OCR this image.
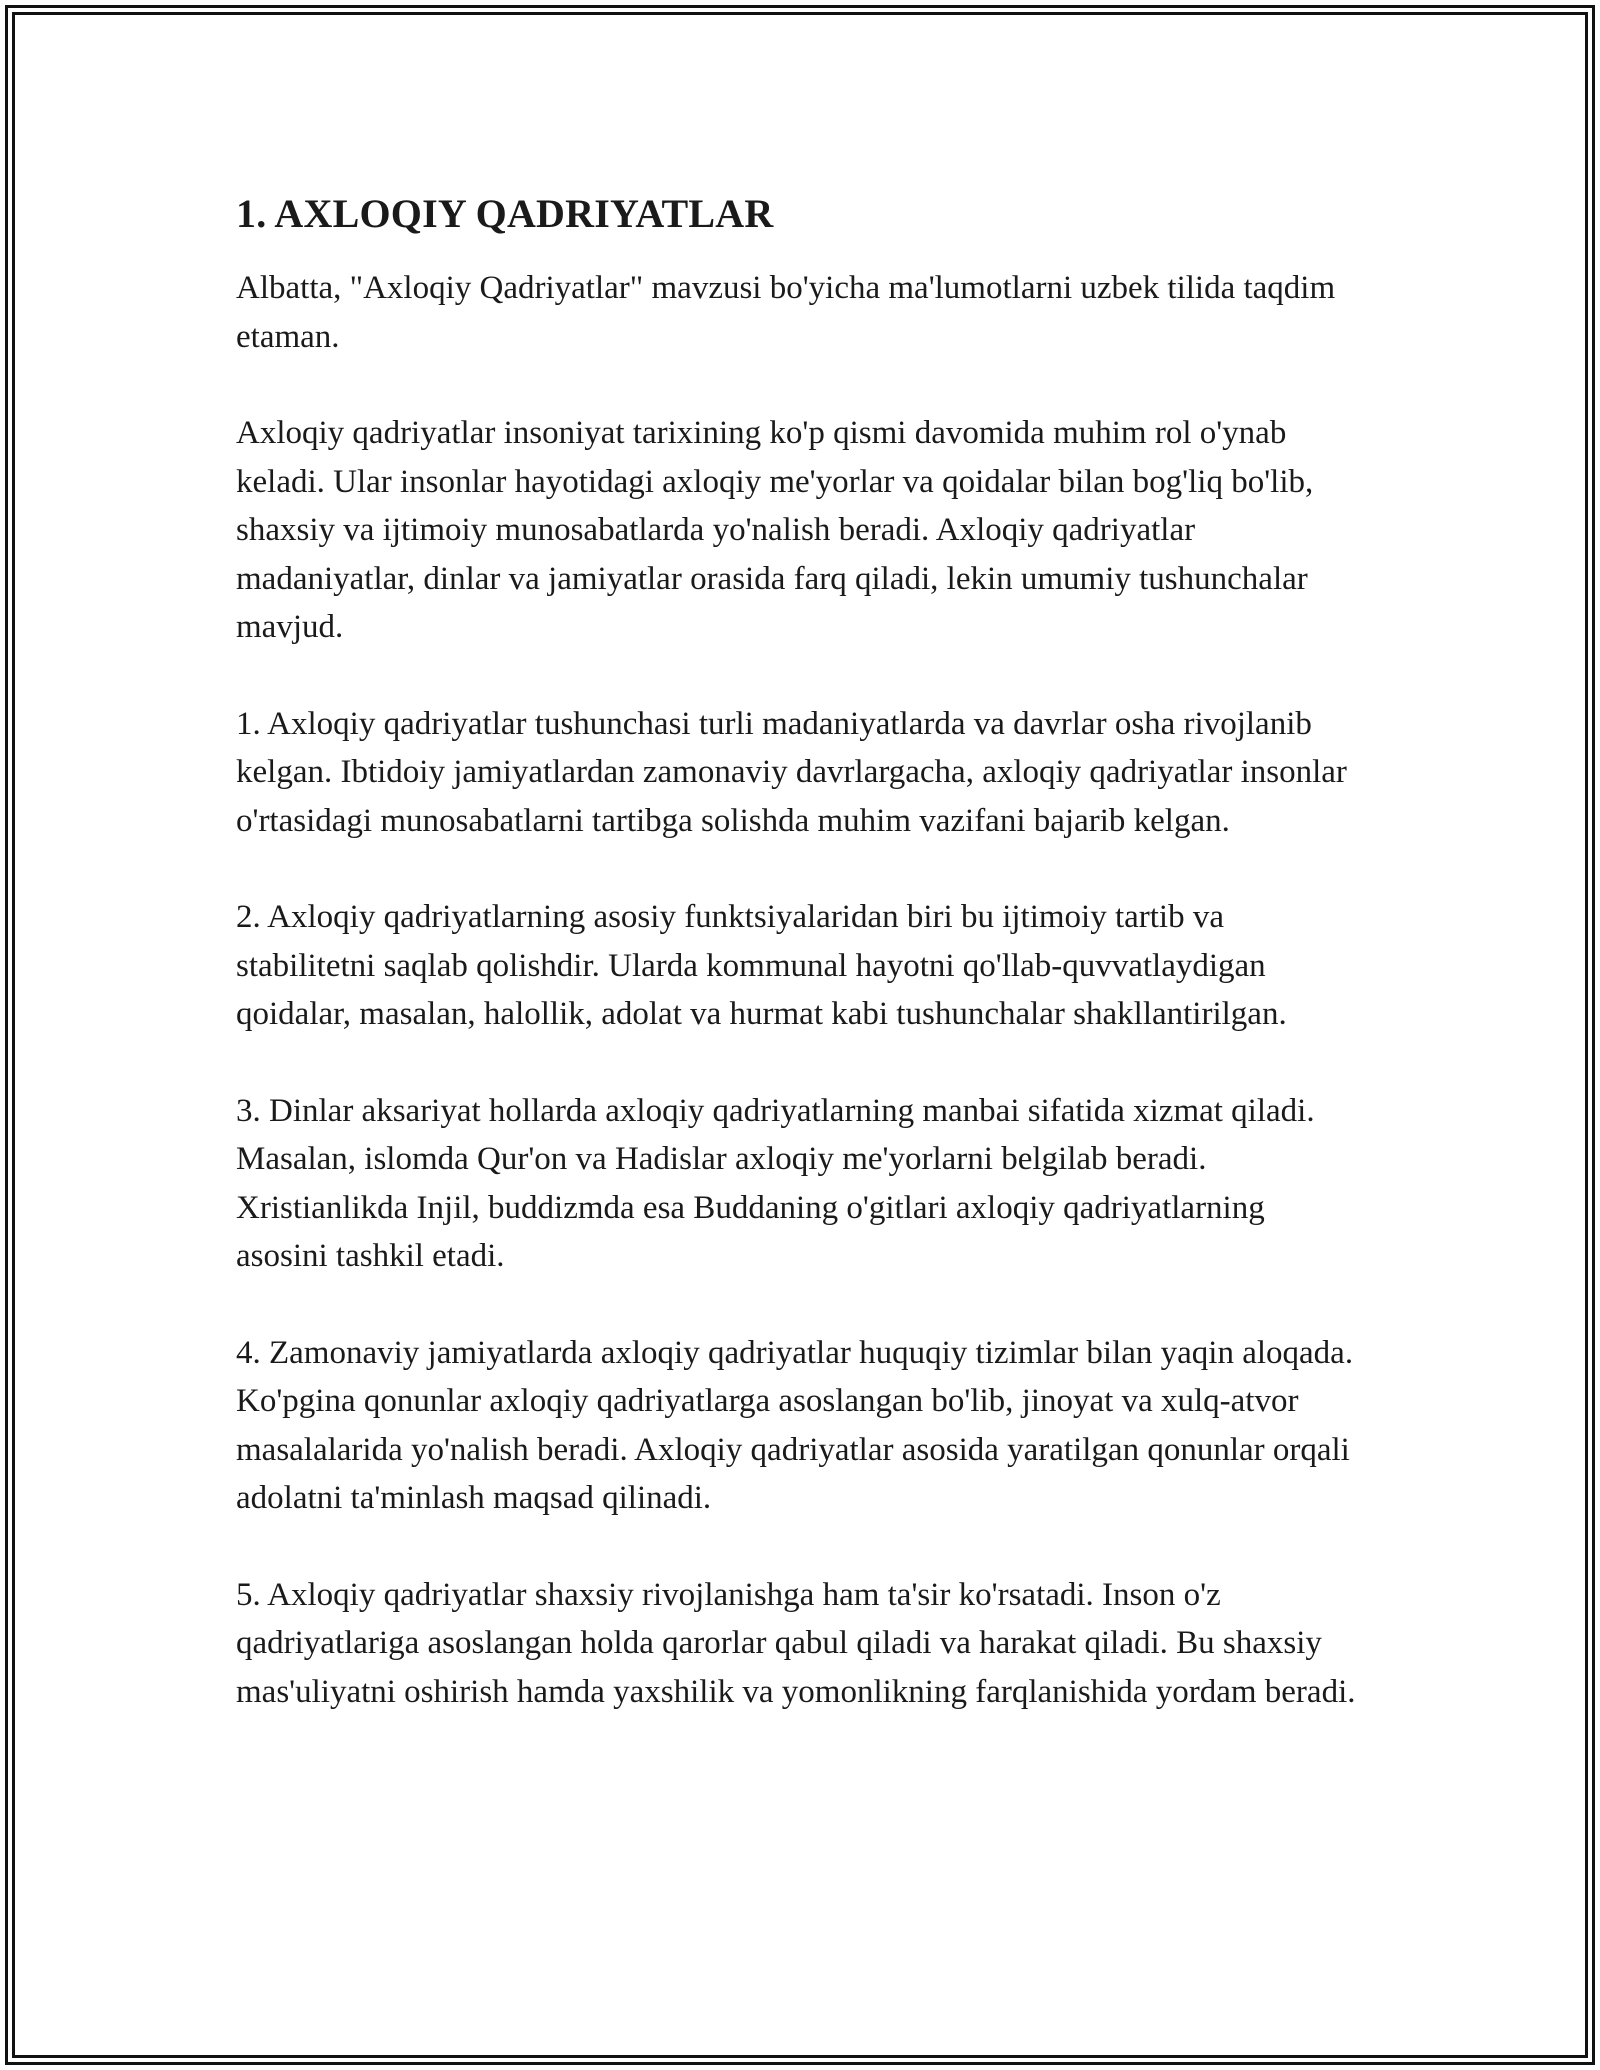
1. AXLOQIY QADRIYATLAR

Albatta, "Axloqiy Qadriyatlar" mavzusi bo'yicha ma'lumotlarni uzbek tilida taqdim etaman.

Axloqiy qadriyatlar insoniyat tarixining ko'p qismi davomida muhim rol o'ynab keladi. Ular insonlar hayotidagi axloqiy me'yorlar va qoidalar bilan bog'liq bo'lib, shaxsiy va ijtimoiy munosabatlarda yo'nalish beradi. Axloqiy qadriyatlar madaniyatlar, dinlar va jamiyatlar orasida farq qiladi, lekin umumiy tushunchalar mavjud.

1. Axloqiy qadriyatlar tushunchasi turli madaniyatlarda va davrlar osha rivojlanib kelgan. Ibtidoiy jamiyatlardan zamonaviy davrlargacha, axloqiy qadriyatlar insonlar o'rtasidagi munosabatlarni tartibga solishda muhim vazifani bajarib kelgan.

2. Axloqiy qadriyatlarning asosiy funktsiyalaridan biri bu ijtimoiy tartib va stabilitetni saqlab qolishdir. Ularda kommunal hayotni qo'llab-quvvatlaydigan qoidalar, masalan, halollik, adolat va hurmat kabi tushunchalar shakllantirilgan.

3. Dinlar aksariyat hollarda axloqiy qadriyatlarning manbai sifatida xizmat qiladi. Masalan, islomda Qur'on va Hadislar axloqiy me'yorlarni belgilab beradi. Xristianlikda Injil, buddizmda esa Buddaning o'gitlari axloqiy qadriyatlarning asosini tashkil etadi.

4. Zamonaviy jamiyatlarda axloqiy qadriyatlar huquqiy tizimlar bilan yaqin aloqada. Ko'pgina qonunlar axloqiy qadriyatlarga asoslangan bo'lib, jinoyat va xulq-atvor masalalarida yo'nalish beradi. Axloqiy qadriyatlar asosida yaratilgan qonunlar orqali adolatni ta'minlash maqsad qilinadi.

5. Axloqiy qadriyatlar shaxsiy rivojlanishga ham ta'sir ko'rsatadi. Inson o'z qadriyatlariga asoslangan holda qarorlar qabul qiladi va harakat qiladi. Bu shaxsiy mas'uliyatni oshirish hamda yaxshilik va yomonlikning farqlanishida yordam beradi.
